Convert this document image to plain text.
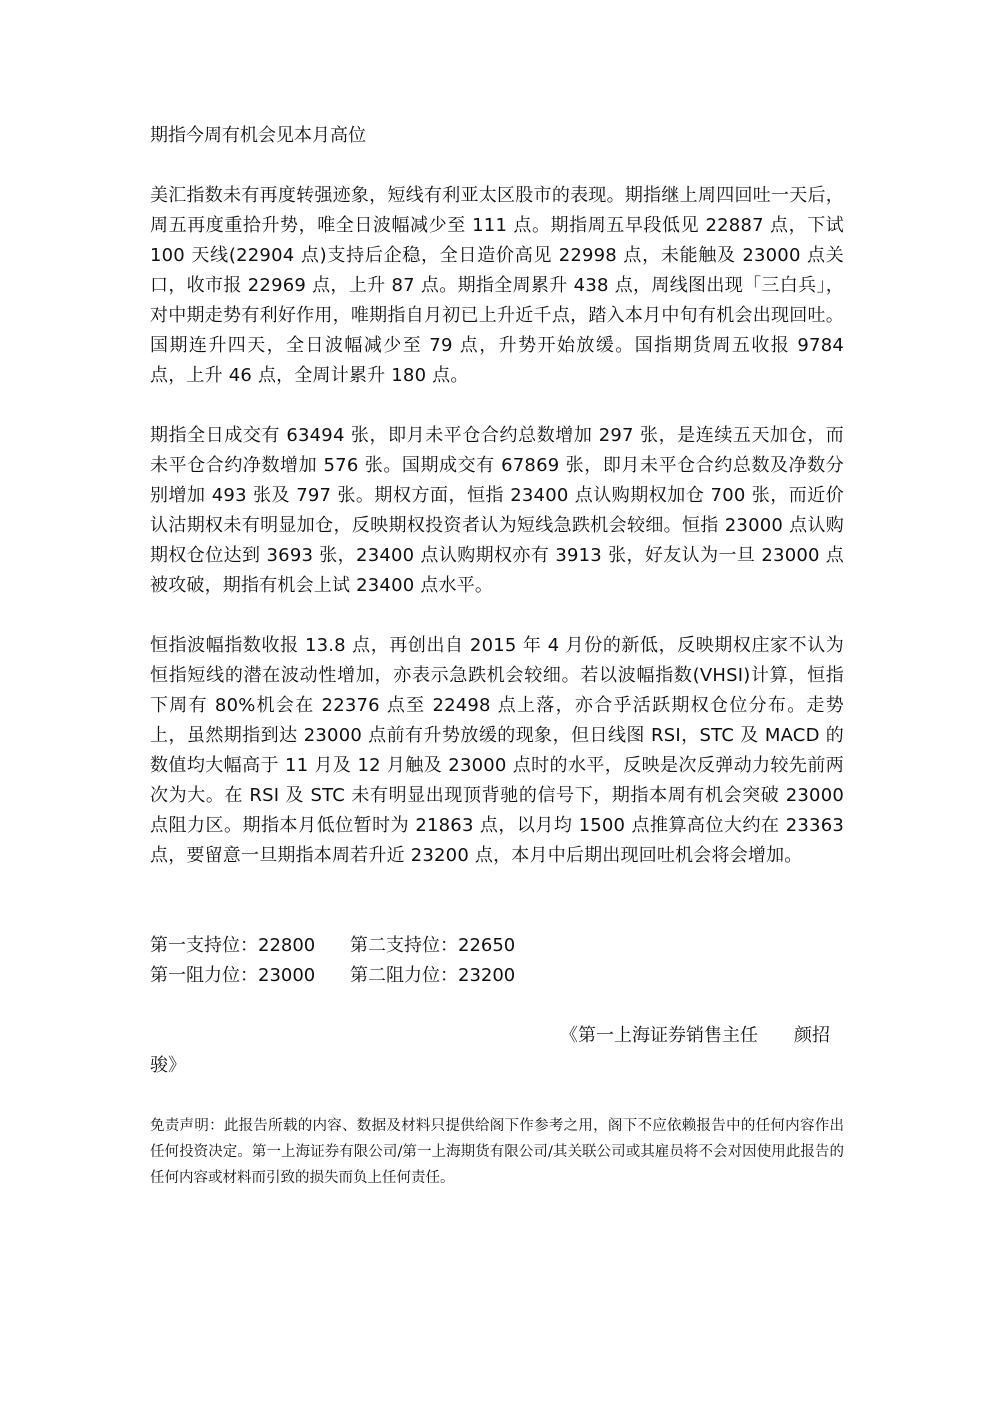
期指今周有机会见本月高位
美汇指数未有再度转强迹象，短线有利亚太区股市的表现。期指继上周四回吐一天后，周五再度重拾升势，唯全日波幅减少至 111 点。期指周五早段低见 22887 点，下试 100 天线(22904 点)支持后企稳，全日造价高见 22998 点，未能触及 23000 点关口，收市报 22969 点，上升 87 点。期指全周累升 438 点，周线图出现「三白兵」，对中期走势有利好作用，唯期指自月初已上升近千点，踏入本月中旬有机会出现回吐。国期连升四天，全日波幅减少至 79 点，升势开始放缓。国指期货周五收报 9784 点，上升 46 点，全周计累升 180 点。
期指全日成交有 63494 张，即月未平仓合约总数增加 297 张，是连续五天加仓，而未平仓合约净数增加 576 张。国期成交有 67869 张，即月未平仓合约总数及净数分别增加 493 张及 797 张。期权方面，恒指 23400 点认购期权加仓 700 张，而近价认沽期权未有明显加仓，反映期权投资者认为短线急跌机会较细。恒指 23000 点认购期权仓位达到 3693 张，23400 点认购期权亦有 3913 张，好友认为一旦 23000 点被攻破，期指有机会上试 23400 点水平。
恒指波幅指数收报 13.8 点，再创出自 2015 年 4 月份的新低，反映期权庄家不认为恒指短线的潜在波动性增加，亦表示急跌机会较细。若以波幅指数(VHSI)计算，恒指下周有 80%机会在 22376 点至 22498 点上落，亦合乎活跃期权仓位分布。走势上，虽然期指到达 23000 点前有升势放缓的现象，但日线图 RSI，STC 及 MACD 的数值均大幅高于 11 月及 12 月触及 23000 点时的水平，反映是次反弹动力较先前两次为大。在 RSI 及 STC 未有明显出现顶背驰的信号下，期指本周有机会突破 23000 点阻力区。期指本月低位暂时为 21863 点，以月均 1500 点推算高位大约在 23363 点，要留意一旦期指本周若升近 23200 点，本月中后期出现回吐机会将会增加。
第一支持位：22800	第二支持位：22650
第一阻力位：23000	第二阻力位：23200
《第一上海证券销售主任　　颜招
骏》
免责声明：此报告所载的内容、数据及材料只提供给阁下作参考之用，阁下不应依赖报告中的任何内容作出任何投资决定。第一上海证券有限公司/第一上海期货有限公司/其关联公司或其雇员将不会对因使用此报告的任何内容或材料而引致的损失而负上任何责任。
